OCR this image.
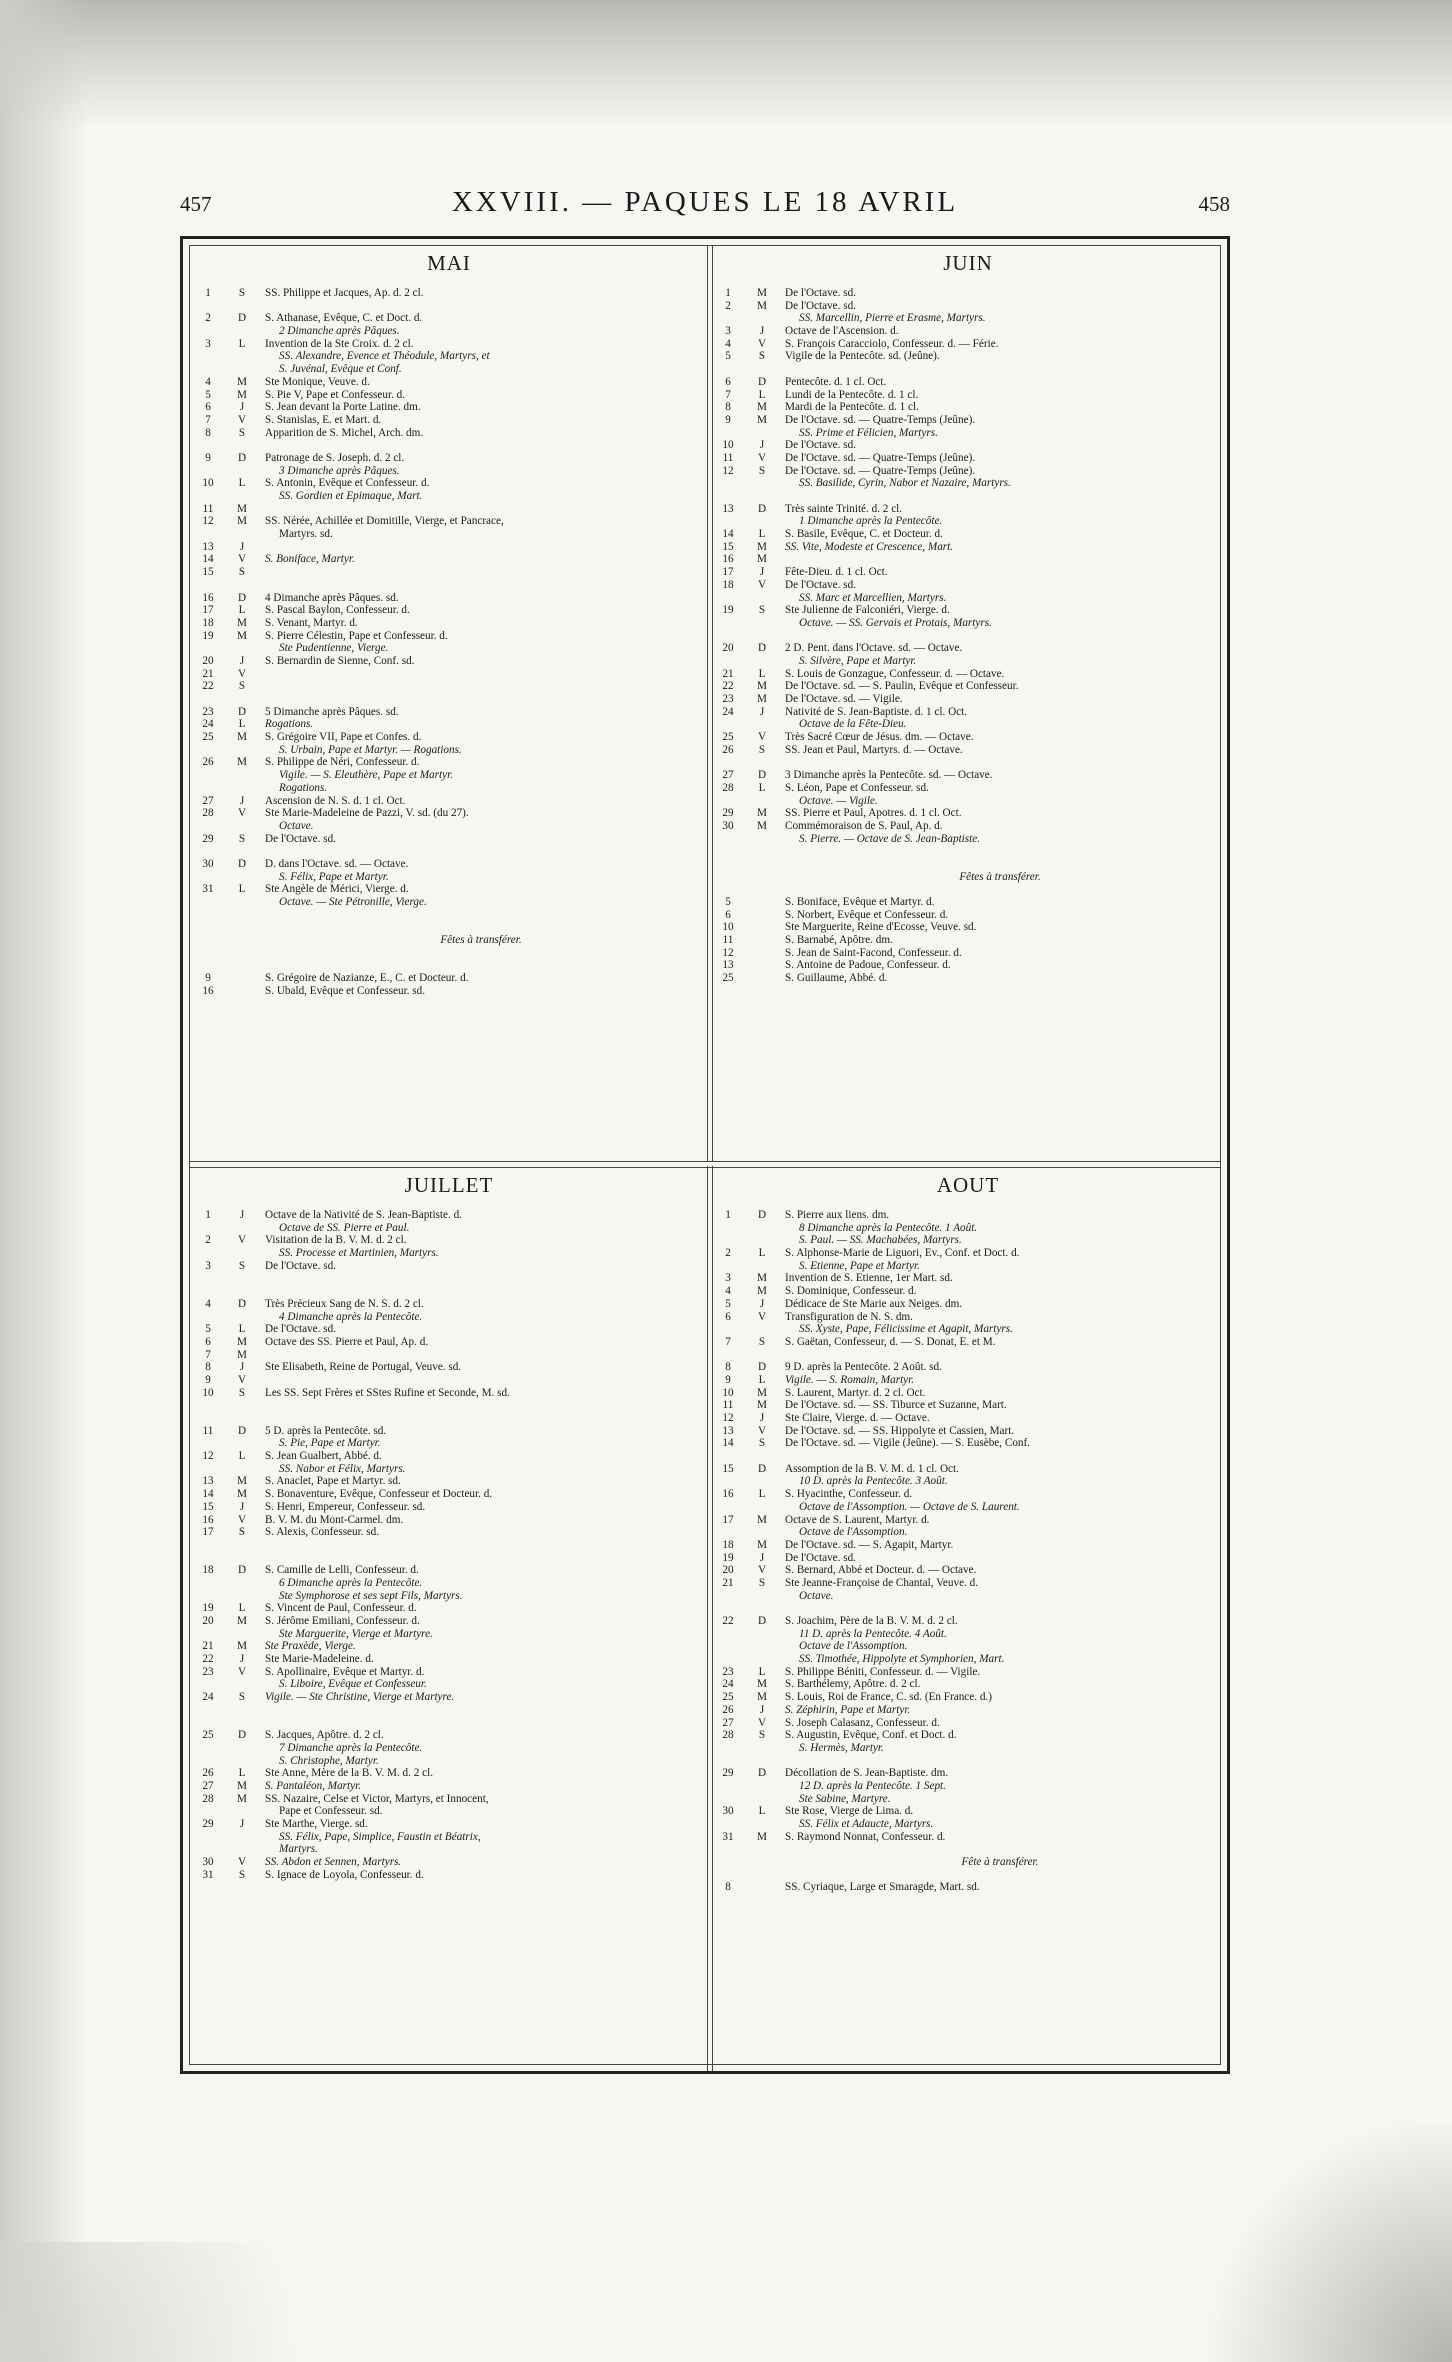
457	XXVIII. — PAQUES LE 18 AVRIL	458
MAI
1	S	SS. Philippe et Jacques, Ap. d. 2 cl.
2	D	S. Athanase, Evêque, C. et Doct. d.
2 Dimanche après Pâques.
3	L	Invention de la Ste Croix. d. 2 cl.
SS. Alexandre, Evence et Théodule, Martyrs, et
S. Juvénal, Evêque et Conf.
4	M	Ste Monique, Veuve. d.
5	M	S. Pie V, Pape et Confesseur. d.
6	J	S. Jean devant la Porte Latine. dm.
7	V	S. Stanislas, E. et Mart. d.
8	S	Apparition de S. Michel, Arch. dm.
9	D	Patronage de S. Joseph. d. 2 cl.
3 Dimanche après Pâques.
10	L	S. Antonin, Evêque et Confesseur. d.
SS. Gordien et Epimaque, Mart.
11	M
12	M	SS. Nérée, Achillée et Domitille, Vierge, et Pancrace,
Martyrs. sd.
13	J
14	V	S. Boniface, Martyr.
15	S
16	D	4 Dimanche après Pâques. sd.
17	L	S. Pascal Baylon, Confesseur. d.
18	M	S. Venant, Martyr. d.
19	M	S. Pierre Célestin, Pape et Confesseur. d.
Ste Pudentienne, Vierge.
20	J	S. Bernardin de Sienne, Conf. sd.
21	V
22	S
23	D	5 Dimanche après Pâques. sd.
24	L	Rogations.
25	M	S. Grégoire VII, Pape et Confes. d.
S. Urbain, Pape et Martyr. — Rogations.
26	M	S. Philippe de Néri, Confesseur. d.
Vigile. — S. Eleuthère, Pape et Martyr.
Rogations.
27	J	Ascension de N. S. d. 1 cl. Oct.
28	V	Ste Marie-Madeleine de Pazzi, V. sd. (du 27).
Octave.
29	S	De l'Octave. sd.
30	D	D. dans l'Octave. sd. — Octave.
S. Félix, Pape et Martyr.
31	L	Ste Angèle de Mérici, Vierge. d.
Octave. — Ste Pétronille, Vierge.
Fêtes à transférer.
9	S. Grégoire de Nazianze, E., C. et Docteur. d.
16	S. Ubald, Evêque et Confesseur. sd.
JUIN
1	M	De l'Octave. sd.
2	M	De l'Octave. sd.
SS. Marcellin, Pierre et Erasme, Martyrs.
3	J	Octave de l'Ascension. d.
4	V	S. François Caracciolo, Confesseur. d. — Férie.
5	S	Vigile de la Pentecôte. sd. (Jeûne).
6	D	Pentecôte. d. 1 cl. Oct.
7	L	Lundi de la Pentecôte. d. 1 cl.
8	M	Mardi de la Pentecôte. d. 1 cl.
9	M	De l'Octave. sd. — Quatre-Temps (Jeûne).
SS. Prime et Félicien, Martyrs.
10	J	De l'Octave. sd.
11	V	De l'Octave. sd. — Quatre-Temps (Jeûne).
12	S	De l'Octave. sd. — Quatre-Temps (Jeûne).
SS. Basilide, Cyrin, Nabor et Nazaire, Martyrs.
13	D	Très sainte Trinité. d. 2 cl.
1 Dimanche après la Pentecôte.
14	L	S. Basile, Evêque, C. et Docteur. d.
15	M	SS. Vite, Modeste et Crescence, Mart.
16	M
17	J	Fête-Dieu. d. 1 cl. Oct.
18	V	De l'Octave. sd.
SS. Marc et Marcellien, Martyrs.
19	S	Ste Julienne de Falconiéri, Vierge. d.
Octave. — SS. Gervais et Protais, Martyrs.
20	D	2 D. Pent. dans l'Octave. sd. — Octave.
S. Silvère, Pape et Martyr.
21	L	S. Louis de Gonzague, Confesseur. d. — Octave.
22	M	De l'Octave. sd. — S. Paulin, Evêque et Confesseur.
23	M	De l'Octave. sd. — Vigile.
24	J	Nativité de S. Jean-Baptiste. d. 1 cl. Oct.
Octave de la Fête-Dieu.
25	V	Très Sacré Cœur de Jésus. dm. — Octave.
26	S	SS. Jean et Paul, Martyrs. d. — Octave.
27	D	3 Dimanche après la Pentecôte. sd. — Octave.
28	L	S. Léon, Pape et Confesseur. sd.
Octave. — Vigile.
29	M	SS. Pierre et Paul, Apotres. d. 1 cl. Oct.
30	M	Commémoraison de S. Paul, Ap. d.
S. Pierre. — Octave de S. Jean-Baptiste.
Fêtes à transférer.
5	S. Boniface, Evêque et Martyr. d.
6	S. Norbert, Evêque et Confesseur. d.
10	Ste Marguerite, Reine d'Ecosse, Veuve. sd.
11	S. Barnabé, Apôtre. dm.
12	S. Jean de Saint-Facond, Confesseur. d.
13	S. Antoine de Padoue, Confesseur. d.
25	S. Guillaume, Abbé. d.
JUILLET
1	J	Octave de la Nativité de S. Jean-Baptiste. d.
Octave de SS. Pierre et Paul.
2	V	Visitation de la B. V. M. d. 2 cl.
SS. Processe et Martinien, Martyrs.
3	S	De l'Octave. sd.
4	D	Très Précieux Sang de N. S. d. 2 cl.
4 Dimanche après la Pentecôte.
5	L	De l'Octave. sd.
6	M	Octave des SS. Pierre et Paul, Ap. d.
7	M
8	J	Ste Elisabeth, Reine de Portugal, Veuve. sd.
9	V
10	S	Les SS. Sept Frères et SStes Rufine et Seconde, M. sd.
11	D	5 D. après la Pentecôte. sd.
S. Pie, Pape et Martyr.
12	L	S. Jean Gualbert, Abbé. d.
SS. Nabor et Félix, Martyrs.
13	M	S. Anaclet, Pape et Martyr. sd.
14	M	S. Bonaventure, Evêque, Confesseur et Docteur. d.
15	J	S. Henri, Empereur, Confesseur. sd.
16	V	B. V. M. du Mont-Carmel. dm.
17	S	S. Alexis, Confesseur. sd.
18	D	S. Camille de Lelli, Confesseur. d.
6 Dimanche après la Pentecôte.
Ste Symphorose et ses sept Fils, Martyrs.
19	L	S. Vincent de Paul, Confesseur. d.
20	M	S. Jérôme Emiliani, Confesseur. d.
Ste Marguerite, Vierge et Martyre.
21	M	Ste Praxède, Vierge.
22	J	Ste Marie-Madeleine. d.
23	V	S. Apollinaire, Evêque et Martyr. d.
S. Liboire, Evêque et Confesseur.
24	S	Vigile. — Ste Christine, Vierge et Martyre.
25	D	S. Jacques, Apôtre. d. 2 cl.
7 Dimanche après la Pentecôte.
S. Christophe, Martyr.
26	L	Ste Anne, Mère de la B. V. M. d. 2 cl.
27	M	S. Pantaléon, Martyr.
28	M	SS. Nazaire, Celse et Victor, Martyrs, et Innocent,
Pape et Confesseur. sd.
29	J	Ste Marthe, Vierge. sd.
SS. Félix, Pape, Simplice, Faustin et Béatrix,
Martyrs.
30	V	SS. Abdon et Sennen, Martyrs.
31	S	S. Ignace de Loyola, Confesseur. d.
AOUT
1	D	S. Pierre aux liens. dm.
8 Dimanche après la Pentecôte. 1 Août.
S. Paul. — SS. Machabées, Martyrs.
2	L	S. Alphonse-Marie de Liguori, Ev., Conf. et Doct. d.
S. Etienne, Pape et Martyr.
3	M	Invention de S. Etienne, 1er Mart. sd.
4	M	S. Dominique, Confesseur. d.
5	J	Dédicace de Ste Marie aux Neiges. dm.
6	V	Transfiguration de N. S. dm.
SS. Xyste, Pape, Félicissime et Agapit, Martyrs.
7	S	S. Gaëtan, Confesseur, d. — S. Donat, E. et M.
8	D	9 D. après la Pentecôte. 2 Août. sd.
9	L	Vigile. — S. Romain, Martyr.
10	M	S. Laurent, Martyr. d. 2 cl. Oct.
11	M	De l'Octave. sd. — SS. Tiburce et Suzanne, Mart.
12	J	Ste Claire, Vierge. d. — Octave.
13	V	De l'Octave. sd. — SS. Hippolyte et Cassien, Mart.
14	S	De l'Octave. sd. — Vigile (Jeûne). — S. Eusèbe, Conf.
15	D	Assomption de la B. V. M. d. 1 cl. Oct.
10 D. après la Pentecôte. 3 Août.
16	L	S. Hyacinthe, Confesseur. d.
Octave de l'Assomption. — Octave de S. Laurent.
17	M	Octave de S. Laurent, Martyr. d.
Octave de l'Assomption.
18	M	De l'Octave. sd. — S. Agapit, Martyr.
19	J	De l'Octave. sd.
20	V	S. Bernard, Abbé et Docteur. d. — Octave.
21	S	Ste Jeanne-Françoise de Chantal, Veuve. d.
Octave.
22	D	S. Joachim, Père de la B. V. M. d. 2 cl.
11 D. après la Pentecôte. 4 Août.
Octave de l'Assomption.
SS. Timothée, Hippolyte et Symphorien, Mart.
23	L	S. Philippe Béniti, Confesseur. d. — Vigile.
24	M	S. Barthélemy, Apôtre. d. 2 cl.
25	M	S. Louis, Roi de France, C. sd. (En France. d.)
26	J	S. Zéphirin, Pape et Martyr.
27	V	S. Joseph Calasanz, Confesseur. d.
28	S	S. Augustin, Evêque, Conf. et Doct. d.
S. Hermès, Martyr.
29	D	Décollation de S. Jean-Baptiste. dm.
12 D. après la Pentecôte. 1 Sept.
Ste Sabine, Martyre.
30	L	Ste Rose, Vierge de Lima. d.
SS. Félix et Adaucte, Martyrs.
31	M	S. Raymond Nonnat, Confesseur. d.
Fête à transférer.
8	SS. Cyriaque, Large et Smaragde, Mart. sd.
